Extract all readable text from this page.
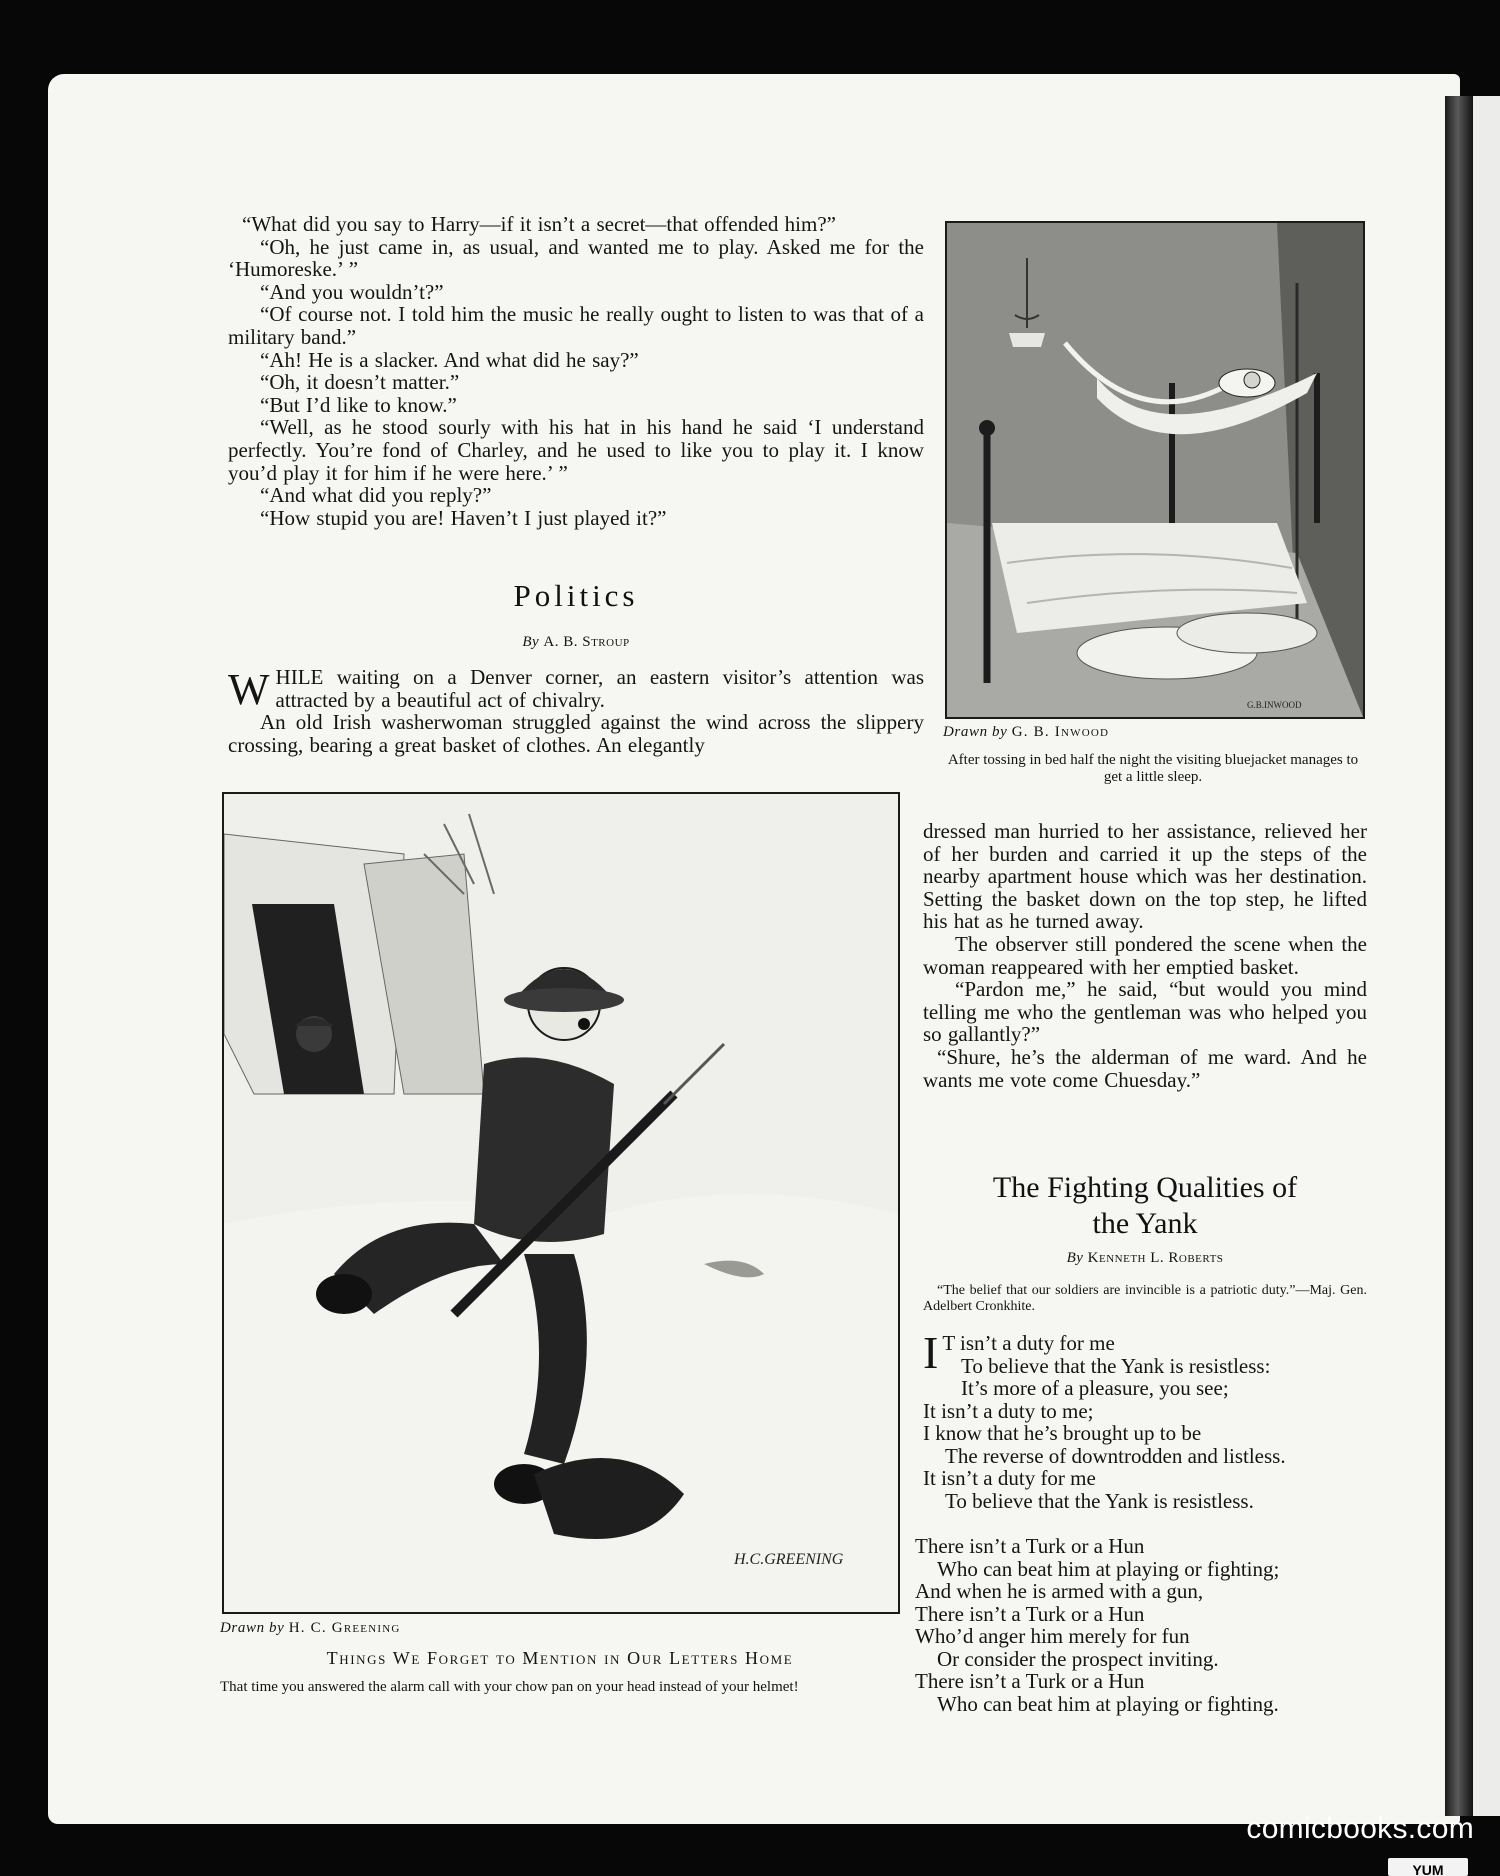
“What did you say to Harry—if it isn’t a secret—that offended him?”
“Oh, he just came in, as usual, and wanted me to play. Asked me for the ‘Humoreske.’ ”
“And you wouldn’t?”
“Of course not. I told him the music he really ought to listen to was that of a military band.”
“Ah! He is a slacker. And what did he say?”
“Oh, it doesn’t matter.”
“But I’d like to know.”
“Well, as he stood sourly with his hat in his hand he said ‘I understand perfectly. You’re fond of Charley, and he used to like you to play it. I know you’d play it for him if he were here.’ ”
“And what did you reply?”
“How stupid you are! Haven’t I just played it?”
Politics
By A. B. Stroup
W HILE waiting on a Denver corner, an eastern visitor’s attention was attracted by a beautiful act of chivalry.
An old Irish washerwoman struggled against the wind across the slippery crossing, bearing a great basket of clothes. An elegantly
G.B.INWOOD
Drawn by G. B. Inwood
After tossing in bed half the night the visiting bluejacket manages to get a little sleep.
H.C.GREENING
Drawn by H. C. Greening
Things We Forget to Mention in Our Letters Home
That time you answered the alarm call with your chow pan on your head instead of your helmet!
dressed man hurried to her assistance, relieved her of her burden and carried it up the steps of the nearby apartment house which was her destination. Setting the basket down on the top step, he lifted his hat as he turned away.
The observer still pondered the scene when the woman reappeared with her emptied basket.
“Pardon me,” he said, “but would you mind telling me who the gentleman was who helped you so gallantly?”
“Shure, he’s the alderman of me ward. And he wants me vote come Chuesday.”
The Fighting Qualities of
the Yank
By Kenneth L. Roberts
“The belief that our soldiers are invincible is a patriotic duty.”—Maj. Gen. Adelbert Cronkhite.
I T isn’t a duty for me
To believe that the Yank is resistless:
It’s more of a pleasure, you see;
It isn’t a duty to me;
I know that he’s brought up to be
The reverse of downtrodden and listless.
It isn’t a duty for me
To believe that the Yank is resistless.
There isn’t a Turk or a Hun
Who can beat him at playing or fighting;
And when he is armed with a gun,
There isn’t a Turk or a Hun
Who’d anger him merely for fun
Or consider the prospect inviting.
There isn’t a Turk or a Hun
Who can beat him at playing or fighting.
comicbooks.com
YUM
